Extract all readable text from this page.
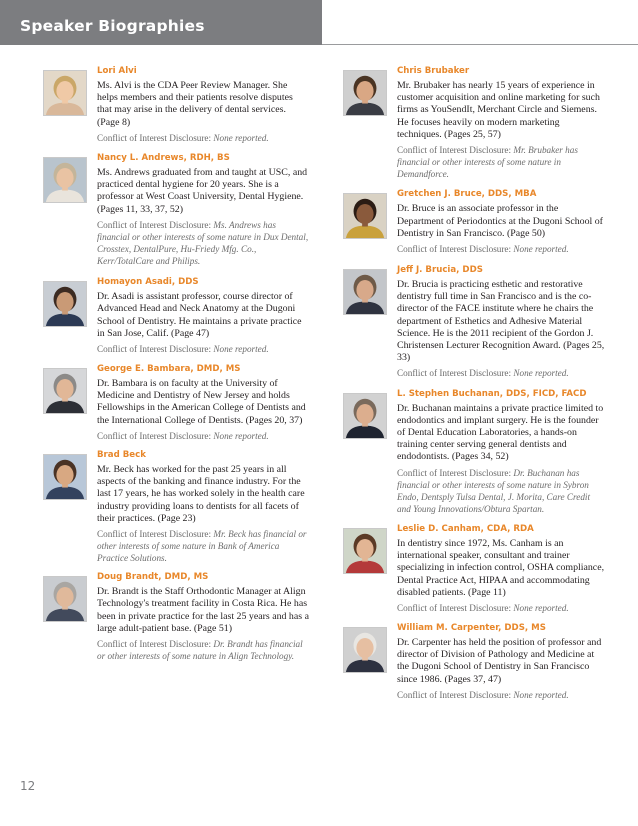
Speaker Biographies
Lori Alvi
Ms. Alvi is the CDA Peer Review Manager. She helps members and their patients resolve disputes that may arise in the delivery of dental services. (Page 8)
Conflict of Interest Disclosure: None reported.
Nancy L. Andrews, RDH, BS
Ms. Andrews graduated from and taught at USC, and practiced dental hygiene for 20 years. She is a professor at West Coast University, Dental Hygiene. (Pages 11, 33, 37, 52)
Conflict of Interest Disclosure: Ms. Andrews has financial or other interests of some nature in Dux Dental, Crosstex, DentalPure, Hu-Friedy Mfg. Co., Kerr/TotalCare and Philips.
Homayon Asadi, DDS
Dr. Asadi is assistant professor, course director of Advanced Head and Neck Anatomy at the Dugoni School of Dentistry. He maintains a private practice in San Jose, Calif. (Page 47)
Conflict of Interest Disclosure: None reported.
George E. Bambara, DMD, MS
Dr. Bambara is on faculty at the University of Medicine and Dentistry of New Jersey and holds Fellowships in the American College of Dentists and the International College of Dentists. (Pages 20, 37)
Conflict of Interest Disclosure: None reported.
Brad Beck
Mr. Beck has worked for the past 25 years in all aspects of the banking and finance industry. For the last 17 years, he has worked solely in the health care industry providing loans to dentists for all facets of their practices. (Page 23)
Conflict of Interest Disclosure: Mr. Beck has financial or other interests of some nature in Bank of America Practice Solutions.
Doug Brandt, DMD, MS
Dr. Brandt is the Staff Orthodontic Manager at Align Technology's treatment facility in Costa Rica. He has been in private practice for the last 25 years and has a large adult-patient base. (Page 51)
Conflict of Interest Disclosure: Dr. Brandt has financial or other interests of some nature in Align Technology.
Chris Brubaker
Mr. Brubaker has nearly 15 years of experience in customer acquisition and online marketing for such firms as YouSendIt, Merchant Circle and Siemens. He focuses heavily on modern marketing techniques. (Pages 25, 57)
Conflict of Interest Disclosure: Mr. Brubaker has financial or other interests of some nature in Demandforce.
Gretchen J. Bruce, DDS, MBA
Dr. Bruce is an associate professor in the Department of Periodontics at the Dugoni School of Dentistry in San Francisco. (Page 50)
Conflict of Interest Disclosure: None reported.
Jeff J. Brucia, DDS
Dr. Brucia is practicing esthetic and restorative dentistry full time in San Francisco and is the co-director of the FACE institute where he chairs the department of Esthetics and Adhesive Material Science. He is the 2011 recipient of the Gordon J. Christensen Lecturer Recognition Award. (Pages 25, 33)
Conflict of Interest Disclosure: None reported.
L. Stephen Buchanan, DDS, FICD, FACD
Dr. Buchanan maintains a private practice limited to endodontics and implant surgery. He is the founder of Dental Education Laboratories, a hands-on training center serving general dentists and endodontists. (Pages 34, 52)
Conflict of Interest Disclosure: Dr. Buchanan has financial or other interests of some nature in Sybron Endo, Dentsply Tulsa Dental, J. Morita, Care Credit and Young Innovations/Obtura Spartan.
Leslie D. Canham, CDA, RDA
In dentistry since 1972, Ms. Canham is an international speaker, consultant and trainer specializing in infection control, OSHA compliance, Dental Practice Act, HIPAA and accommodating disabled patients. (Page 11)
Conflict of Interest Disclosure: None reported.
William M. Carpenter, DDS, MS
Dr. Carpenter has held the position of professor and director of Division of Pathology and Medicine at the Dugoni School of Dentistry in San Francisco since 1986. (Pages 37, 47)
Conflict of Interest Disclosure: None reported.
12
